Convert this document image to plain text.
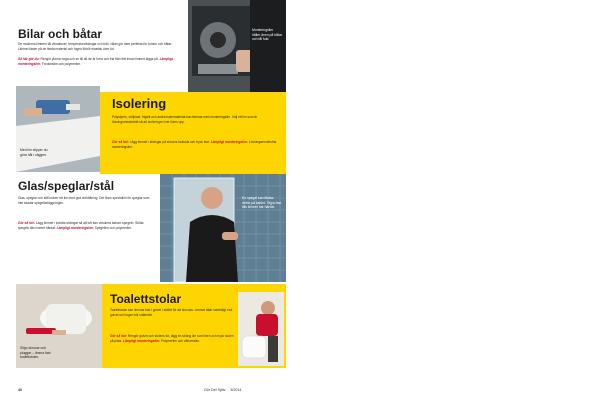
Monteringslim håller även på båtar och tål fukt.
Bilar och båtar

De moderna limmen tål vibrationer, temperaturväxlingar och fukt, vilket gör dem perfekta för fordon och båtar. Limmet fäster på de flesta material och fogen förblir elastisk över tid.

Så här gör du: Rengör ytorna noga och se till att de är torra och fria från fett innan limmet läggs på. Lämpligt monteringslim: Fordonslim och polymerlim.

Med lim slipper du göra hål i väggen.
Isolering

Polystyren, cellplast, frigolit och andra isolermaterial kan limmas med monteringslim. Välj ett lim som är lösningsmedelsfritt så att isoleringen inte löses upp.

Gör så här: Lägg limmet i strängar på skivans baksida och tryck fast. Lämpligt monteringslim: Lösningsmedelsfria monteringslim.

En spegel kan fästas direkt på kaklet. Tejpa fast tills limmet har härdat.
Glas/speglar/stål

Glas, speglar och stål kräver ett lim med god vidhäftning. Det finns speciallim för speglar som inte skadar spegelbeläggningen.

Gör så här: Lägg limmet i lodräta strängar så att luft kan cirkulera bakom spegeln. Stötta spegeln tills limmet härdat. Lämpligt monteringslim: Spegellim och polymerlim.

Slipp skruvar och pluggar – limma fast toalettstolen.
Toalettstolar

Toalettstolar kan limmas fast i golvet i stället för att skruvas. Limmet tätar samtidigt mot golvet och fogen blir vattentät.

Gör så här: Rengör golvet och stolens fot, lägg en sträng lim runt foten och tryck stolen på plats. Lämpligt monteringslim: Polymerlim och våtrumslim.

40	Gör Det Själv 3/2014
